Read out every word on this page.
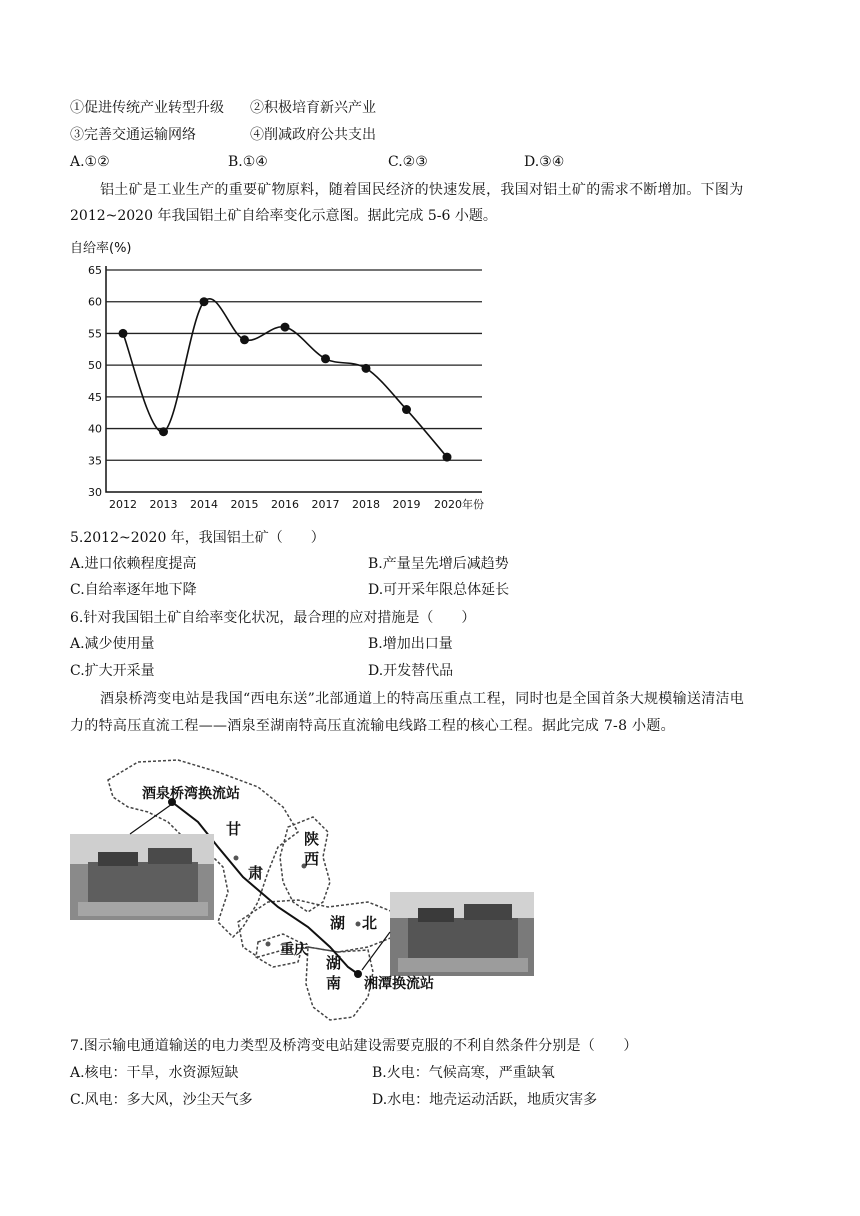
①促进传统产业转型升级 ②积极培育新兴产业
③完善交通运输网络	④削减政府公共支出
A.①②	B.①④	C.②③	D.③④
铝土矿是工业生产的重要矿物原料，随着国民经济的快速发展，我国对铝土矿的需求不断增加。下图为
2012~2020 年我国铝土矿自给率变化示意图。据此完成 5-6 小题。
自给率(%)
65
60
55
50
45
40
35
30
2012 2013 2014 2015 2016 2017 2018 2019 2020年份
5.2012~2020 年，我国铝土矿（　　）
A.进口依赖程度提高	B.产量呈先增后减趋势
C.自给率逐年地下降	D.可开采年限总体延长
6.针对我国铝土矿自给率变化状况，最合理的应对措施是（　　）
A.减少使用量	B.增加出口量
C.扩大开采量	D.开发替代品
酒泉桥湾变电站是我国“西电东送”北部通道上的特高压重点工程，同时也是全国首条大规模输送清洁电
力的特高压直流工程——酒泉至湖南特高压直流输电线路工程的核心工程。据此完成 7-8 小题。
酒泉桥湾换流站
甘
肃
陕
西
湖 北
重庆
湖
南 湘潭换流站
7.图示输电通道输送的电力类型及桥湾变电站建设需要克服的不利自然条件分别是（　　）
A.核电：干旱，水资源短缺	B.火电：气候高寒，严重缺氧
C.风电：多大风，沙尘天气多	D.水电：地壳运动活跃，地质灾害多
